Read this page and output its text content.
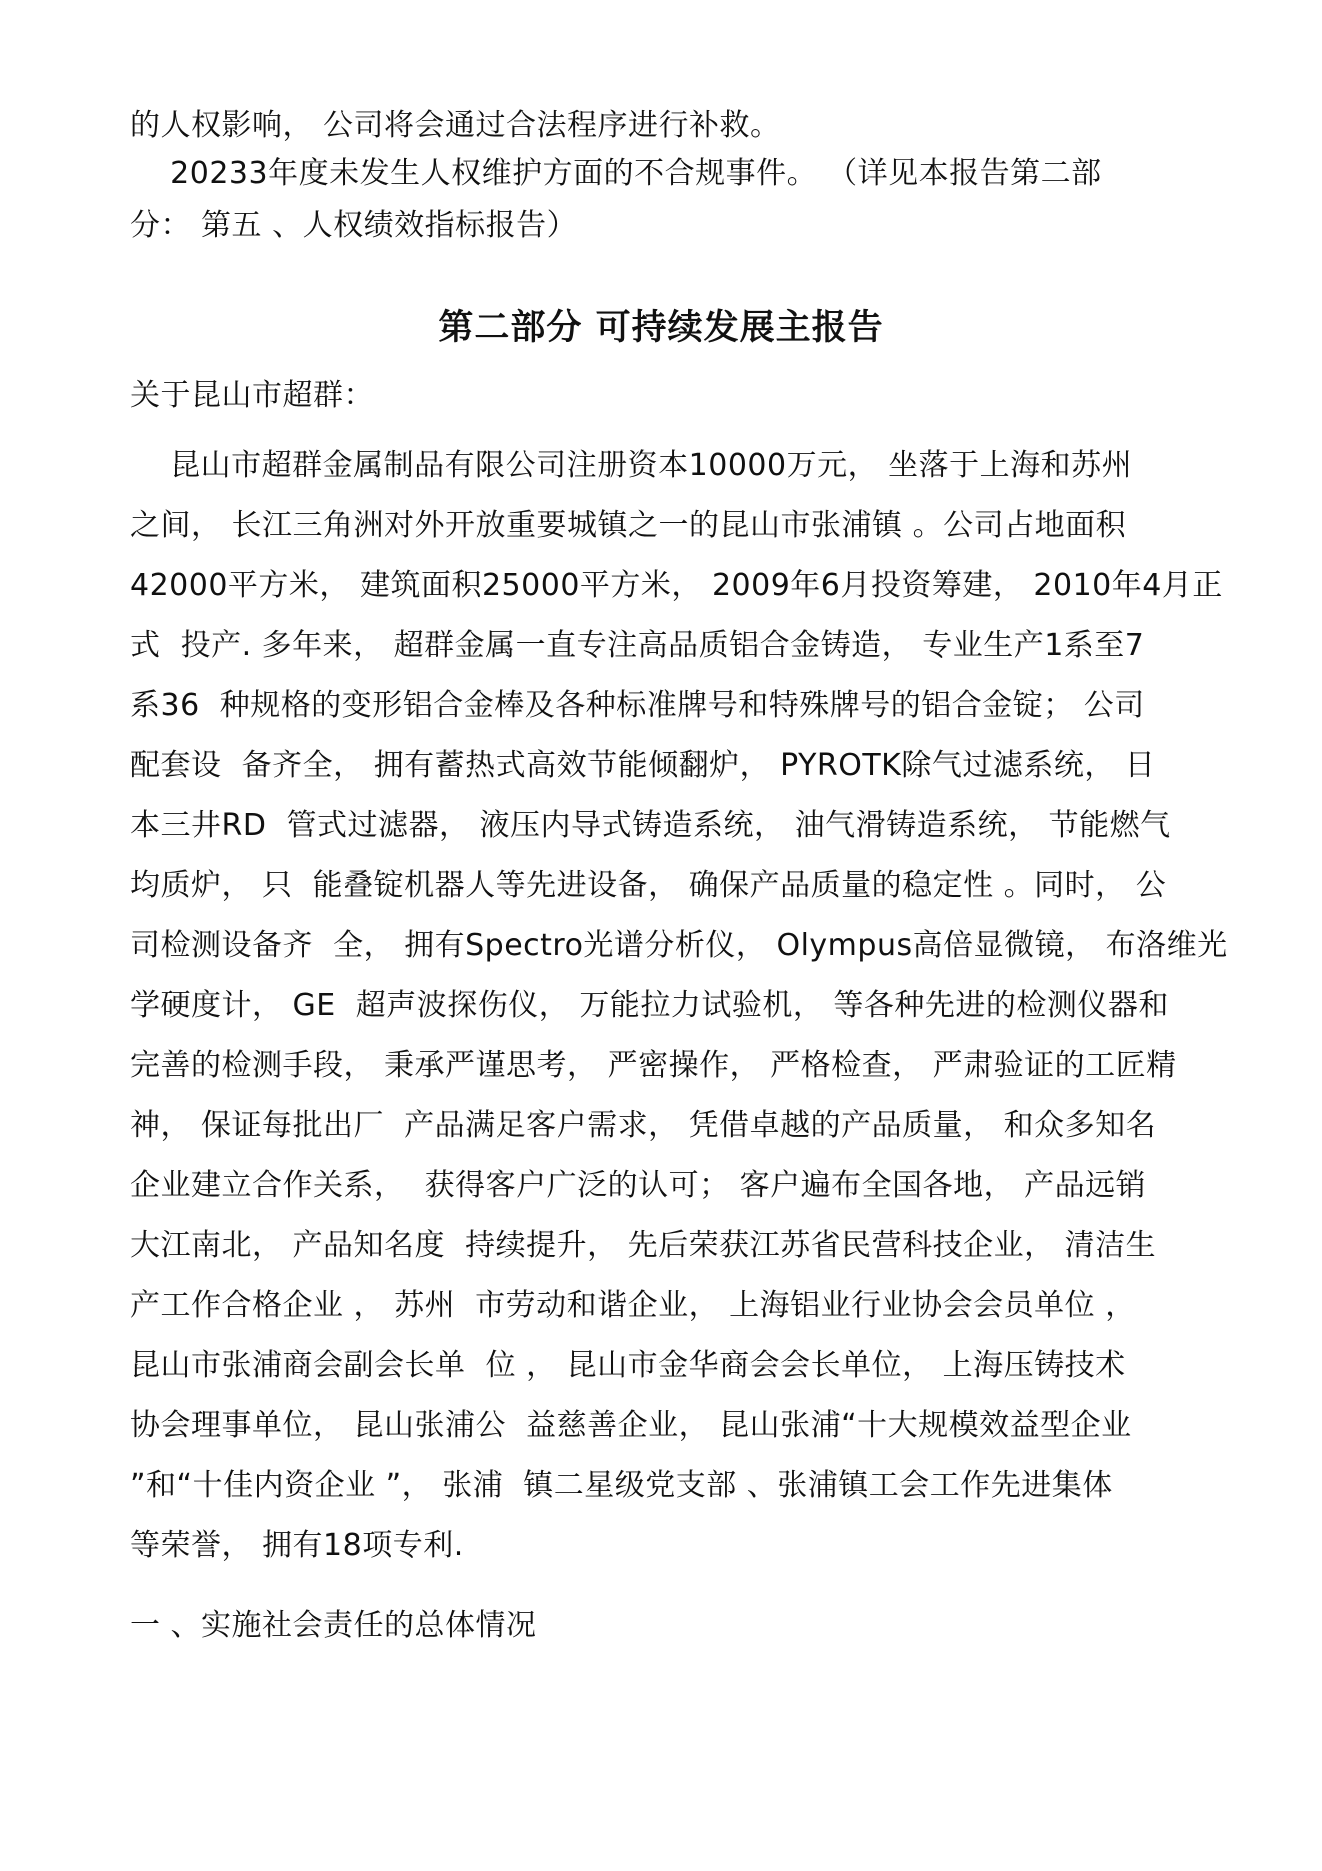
的人权影响， 公司将会通过合法程序进行补救。
20233年度未发生人权维护方面的不合规事件。 （详见本报告第二部
分： 第五 、人权绩效指标报告）
第二部分 可持续发展主报告
关于昆山市超群：
昆山市超群金属制品有限公司注册资本10000万元， 坐落于上海和苏州
之间， 长江三角洲对外开放重要城镇之一的昆山市张浦镇 。公司占地面积
42000平方米， 建筑面积25000平方米， 2009年6月投资筹建， 2010年4月正
式  投产. 多年来， 超群金属一直专注高品质铝合金铸造， 专业生产1系至7
系36  种规格的变形铝合金棒及各种标准牌号和特殊牌号的铝合金锭； 公司
配套设  备齐全， 拥有蓄热式高效节能倾翻炉， PYROTK除气过滤系统， 日
本三井RD  管式过滤器， 液压内导式铸造系统， 油气滑铸造系统， 节能燃气
均质炉， 只  能叠锭机器人等先进设备， 确保产品质量的稳定性 。同时， 公
司检测设备齐  全， 拥有Spectro光谱分析仪， Olympus高倍显微镜， 布洛维光
学硬度计， GE  超声波探伤仪， 万能拉力试验机， 等各种先进的检测仪器和
完善的检测手段， 秉承严谨思考， 严密操作， 严格检查， 严肃验证的工匠精
神， 保证每批出厂  产品满足客户需求， 凭借卓越的产品质量， 和众多知名
企业建立合作关系，  获得客户广泛的认可； 客户遍布全国各地， 产品远销
大江南北， 产品知名度  持续提升， 先后荣获江苏省民营科技企业， 清洁生
产工作合格企业 ， 苏州  市劳动和谐企业， 上海铝业行业协会会员单位 ，
昆山市张浦商会副会长单  位 ， 昆山市金华商会会长单位， 上海压铸技术
协会理事单位， 昆山张浦公  益慈善企业， 昆山张浦“十大规模效益型企业
”和“十佳内资企业 ”， 张浦  镇二星级党支部 、张浦镇工会工作先进集体
等荣誉， 拥有18项专利.
一 、实施社会责任的总体情况
